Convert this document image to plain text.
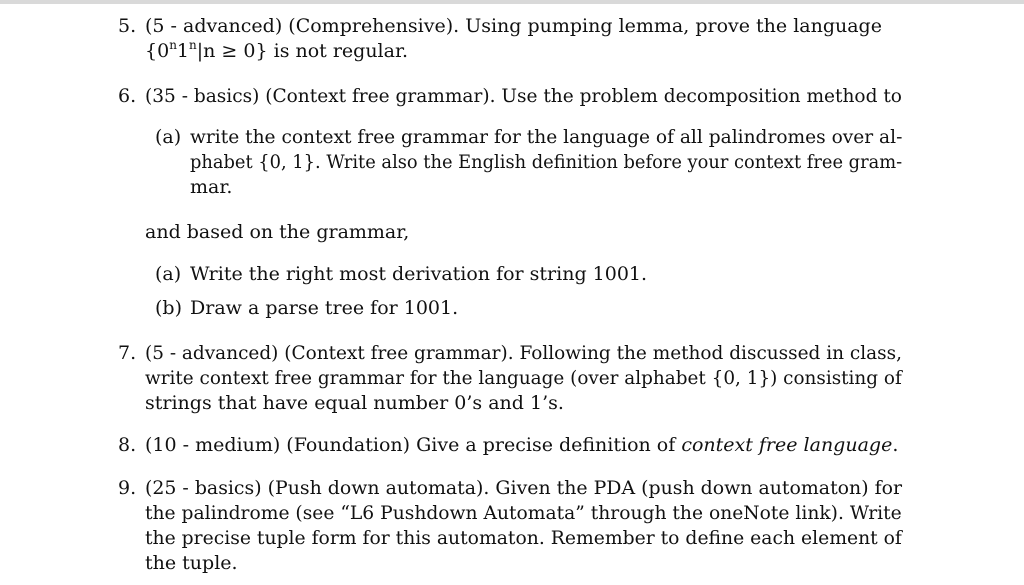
5. (5 - advanced) (Comprehensive). Using pumping lemma, prove the language
$\{0^n1^n|n \ge 0\}$ is not regular.
6. (35 - basics) (Context free grammar). Use the problem decomposition method to
(a) write the context free grammar for the language of all palindromes over al-
phabet {0, 1}. Write also the English definition before your context free gram-
mar.
and based on the grammar,
(a) Write the right most derivation for string 1001.
(b) Draw a parse tree for 1001.
7. (5 - advanced) (Context free grammar). Following the method discussed in class,
write context free grammar for the language (over alphabet {0, 1}) consisting of
strings that have equal number 0’s and 1’s.
8. (10 - medium) (Foundation) Give a precise definition of context free language.
9. (25 - basics) (Push down automata). Given the PDA (push down automaton) for
the palindrome (see “L6 Pushdown Automata” through the oneNote link). Write
the precise tuple form for this automaton. Remember to define each element of
the tuple.
